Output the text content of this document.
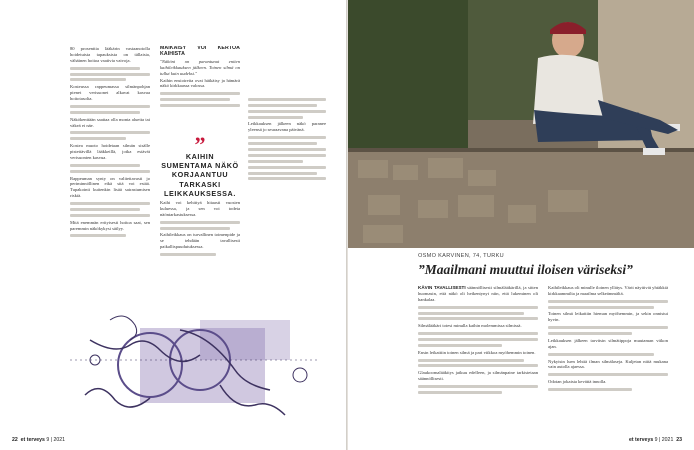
80 prosenttia lääkärin vastaanotolla hoidetuista tapauksista on tällaisia, vähäinen hoitoa vaativia vaivoja.

Kosteussa rappeumassa silmänpohjan pienet verisuonet alkavat kasvaa hoitotasolta.

Näkökenttään saattaa olla monta aluetta tai väkeä ei näe.

Kostea muoto hoidetaan silmän sisälle pistettävillä lääkkeillä, jotka estävät verisuonten kasvua.

Rappeuman synty on valitettavasti jo periminnöllinen eikä sitä voi estää. Tupakointi kuitenkin lisää sairastumisen riskiä.

Mitä enemmän erityisesti hoitoa saat, sen paremmin näkökykysi säilyy.

MÄIKÄISY VOI KERTOA KAIHISTA

"Näköni on parantunut eniten kaihileikkauksen jälkeen. Toinen silmä on tullut kuin uudeksi."

Kaihin ensioireita ovat häikäisy ja hämärä näkö kirkkaassa valossa.

”
KAIHIN SUMENTAMA NÄKÖ KORJAANTUU TARKASKI LEIKKAUKSESSA.

Kaihi voi kehittyä hitaasti vuosien kuluessa, ja sen voi todeta näöntarkastuksessa.

Kaihileikkaus on turvallinen toimenpide ja se tehdään tavallisesti paikallispuudutuksessa.

Leikkauksen jälkeen näkö paranee yleensä jo seuraavana päivänä.

22 et terveys 9 | 2021
OSMO KARVINEN, 74, TURKU
”Maailmani muuttui iloisen väriseksi”

KÄVIN TAVALLISESTI säännöllisesti silmälääkärillä, ja sitten huomasin, että näkö oli heikentynyt niin, että lukeminen oli hankalaa.

Silmälääkäri totesi minulla kaihin molemmissa silmissä.

Ensin leikattiin toinen silmä ja pari viikkoa myöhemmin toinen.

Glaukoomalääkitys jatkuu edelleen, ja silmänpaine tarkistetaan säännöllisesti.

Kaihileikkaus oli minulle iloinen yllätys. Värit näyttivät yhtäkkiä kirkkaammilta ja maailma selkeämmältä.

Toinen silmä leikattiin hieman myöhemmin, ja sekin onnistui hyvin.

Leikkauksen jälkeen tarvitsin silmätippoja muutaman viikon ajan.

Nykyisin luen lehtiä ilman silmälaseja. Kuljetan niitä mukana vain autolla ajaessa.

Odotan jokaista kevättä innolla.

et terveys 9 | 2021 23
